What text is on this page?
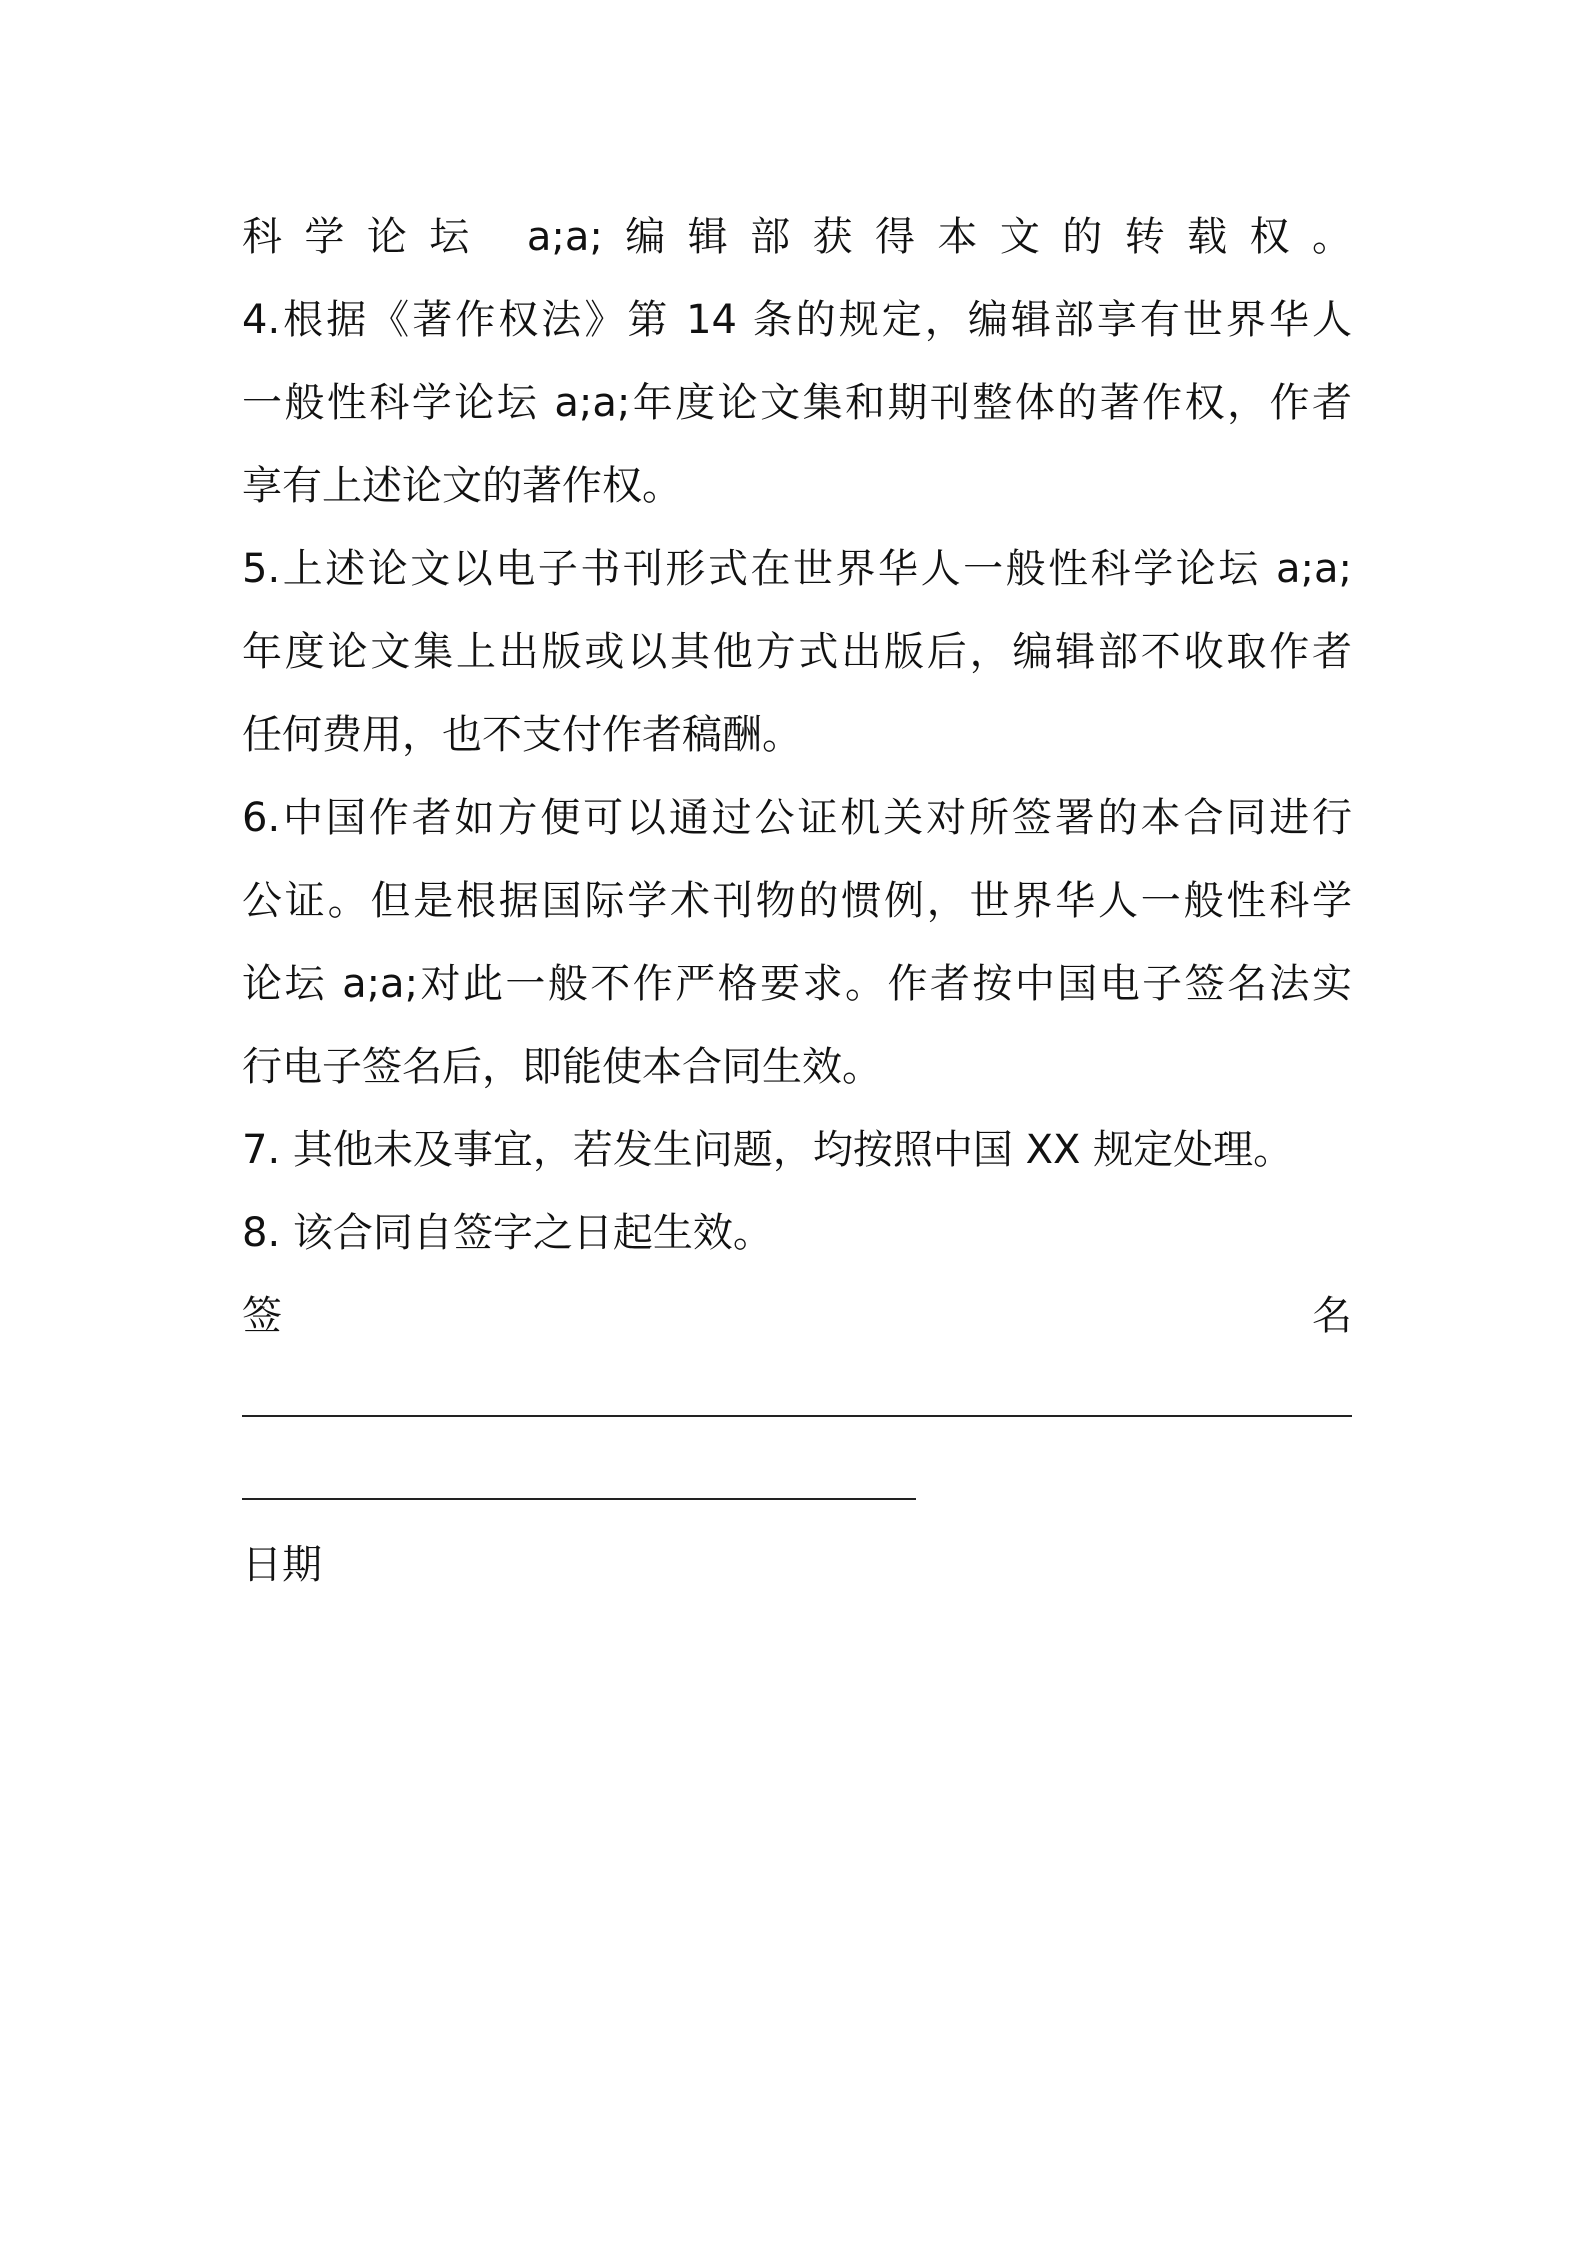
科学论坛 a;a;编辑部获得本文的转载权。
4.根据《著作权法》第 14 条的规定，编辑部享有世界华人
一般性科学论坛 a;a;年度论文集和期刊整体的著作权，作者
享有上述论文的著作权。
5.上述论文以电子书刊形式在世界华人一般性科学论坛 a;a;
年度论文集上出版或以其他方式出版后，编辑部不收取作者
任何费用，也不支付作者稿酬。
6.中国作者如方便可以通过公证机关对所签署的本合同进行
公证。但是根据国际学术刊物的惯例，世界华人一般性科学
论坛 a;a;对此一般不作严格要求。作者按中国电子签名法实
行电子签名后，即能使本合同生效。
7. 其他未及事宜，若发生问题，均按照中国 XX 规定处理。
8. 该合同自签字之日起生效。
签	名
日期
